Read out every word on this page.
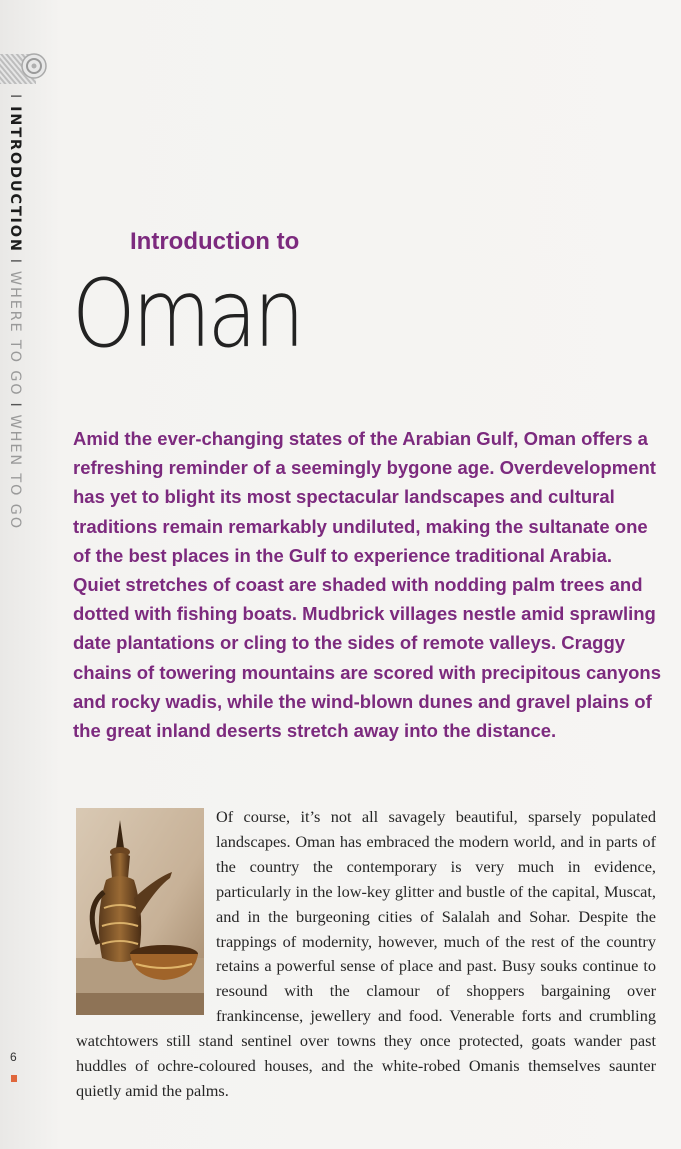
IINTRODUCTIONIWHERE TO GOIWHEN TO GO
Introduction to
Oman

Amid the ever-changing states of the Arabian Gulf, Oman offers a refreshing reminder of a seemingly bygone age. Overdevelopment has yet to blight its most spectacular landscapes and cultural traditions remain remarkably undiluted, making the sultanate one of the best places in the Gulf to experience traditional Arabia. Quiet stretches of coast are shaded with nodding palm trees and dotted with fishing boats. Mudbrick villages nestle amid sprawling date plantations or cling to the sides of remote valleys. Craggy chains of towering mountains are scored with precipitous canyons and rocky wadis, while the wind-blown dunes and gravel plains of the great inland deserts stretch away into the distance.

Of course, it’s not all savagely beautiful, sparsely populated landscapes. Oman has embraced the modern world, and in parts of the country the contemporary is very much in evidence, particularly in the low-key glitter and bustle of the capital, Muscat, and in the burgeoning cities of Salalah and Sohar. Despite the trappings of modernity, however, much of the rest of the country retains a powerful sense of place and past. Busy souks continue to resound with the clamour of shoppers bargaining over frankincense, jewellery and food. Venerable forts and crumbling watchtowers still stand sentinel over towns they once protected, goats wander past huddles of ochre-coloured houses, and the white-robed Omanis themselves saunter quietly amid the palms.
6
